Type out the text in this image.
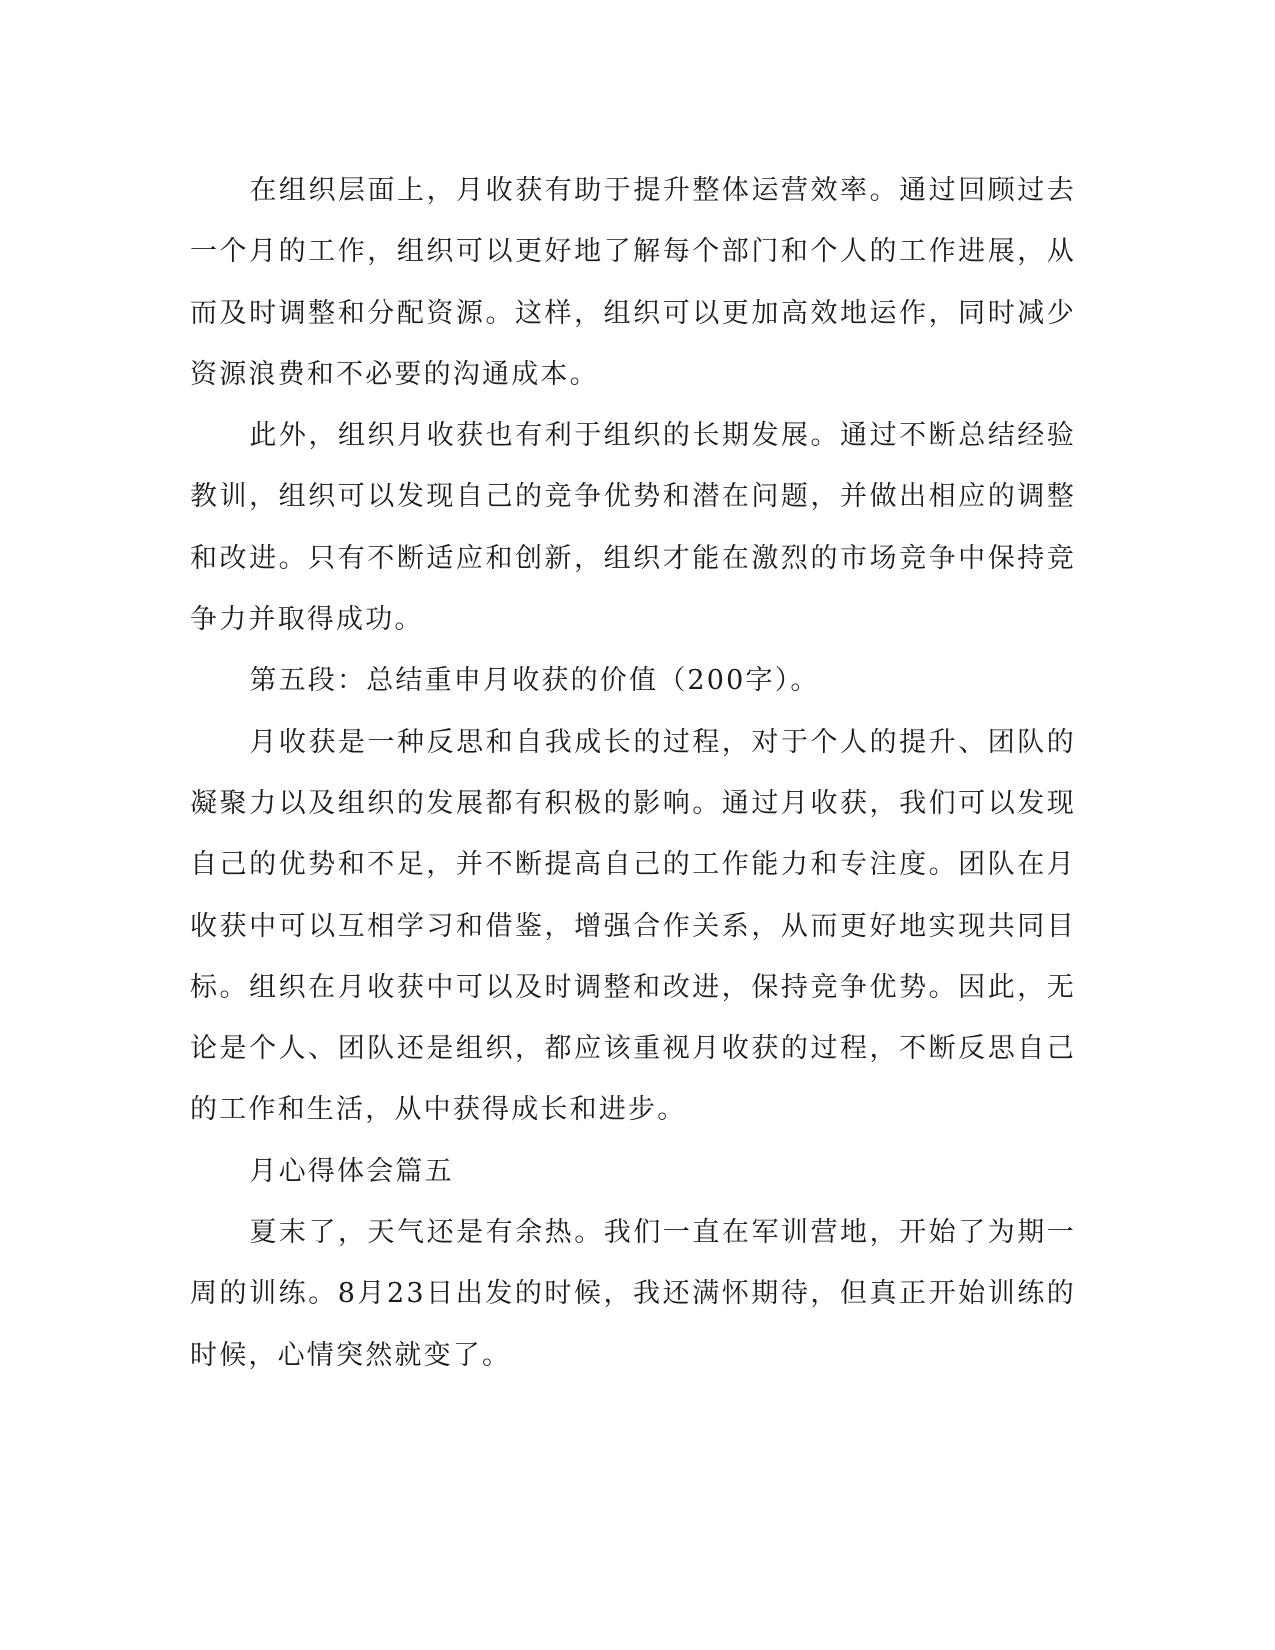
在组织层面上，月收获有助于提升整体运营效率。通过回顾过去一个月的工作，组织可以更好地了解每个部门和个人的工作进展，从而及时调整和分配资源。这样，组织可以更加高效地运作，同时减少资源浪费和不必要的沟通成本。

此外，组织月收获也有利于组织的长期发展。通过不断总结经验教训，组织可以发现自己的竞争优势和潜在问题，并做出相应的调整和改进。只有不断适应和创新，组织才能在激烈的市场竞争中保持竞争力并取得成功。

第五段：总结重申月收获的价值（200字）。

月收获是一种反思和自我成长的过程，对于个人的提升、团队的凝聚力以及组织的发展都有积极的影响。通过月收获，我们可以发现自己的优势和不足，并不断提高自己的工作能力和专注度。团队在月收获中可以互相学习和借鉴，增强合作关系，从而更好地实现共同目标。组织在月收获中可以及时调整和改进，保持竞争优势。因此，无论是个人、团队还是组织，都应该重视月收获的过程，不断反思自己的工作和生活，从中获得成长和进步。

月心得体会篇五

夏末了，天气还是有余热。我们一直在军训营地，开始了为期一周的训练。8月23日出发的时候，我还满怀期待，但真正开始训练的时候，心情突然就变了。
